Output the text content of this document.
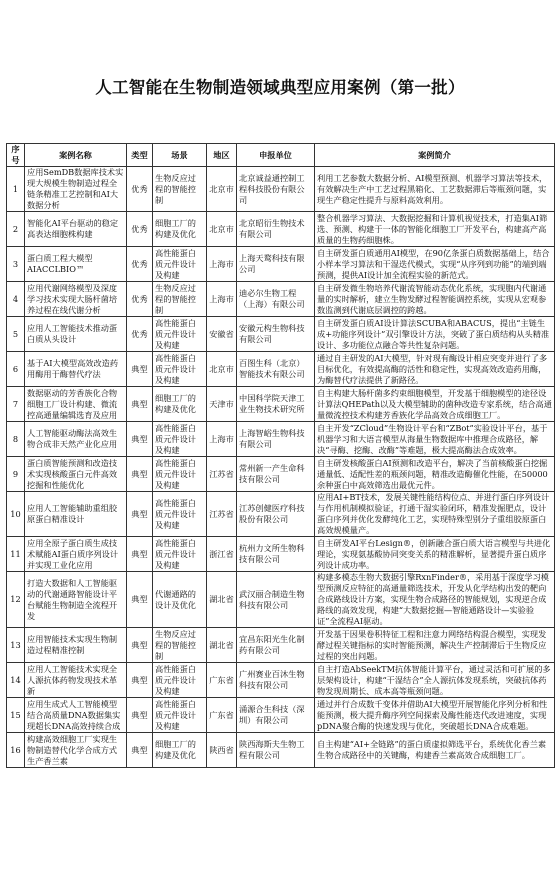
人工智能在生物制造领域典型应用案例（第一批）
序号	案例名称	类型	场景	地区	申报单位	案例简介
1	应用SemDB数据库技术实现大规模生物制造过程全链条精准工艺控制和AI大数据分析	优秀	生物反应过程的智能控制	北京市	北京诚益通控制工程科技股份有限公司	利用工艺参数大数据分析、AI模型预测、机器学习算法等技术，有效解决生产中工艺过程黑箱化、工艺数据滞后等瓶颈问题，实现生产稳定性提升与原料高效利用。
2	智能化AI平台驱动的稳定高表达细胞株构建	优秀	细胞工厂的构建及优化	北京市	北京昭衍生物技术有限公司	整合机器学习算法、大数据挖掘和计算机视觉技术，打造集AI筛选、预测、构建于一体的智能化细胞工厂开发平台，构建高产高质量的生物药细胞株。
3	蛋白质工程大模型AIACCLBIO™	优秀	高性能蛋白质元件设计及构建	上海市	上海天鹜科技有限公司	自主研发蛋白质通用AI模型，在90亿条蛋白质数据基础上，结合小样本学习算法和干湿迭代模式，实现“从序列到功能”的端到端预测，提供AI设计加全流程实验的新范式。
4	应用代谢网络模型及深度学习技术实现大肠杆菌培养过程在线代谢分析	优秀	生物反应过程的智能控制	上海市	迪必尔生物工程（上海）有限公司	自主研发微生物培养代谢流智能动态优化系统，实现胞内代谢通量的实时解析，建立生物发酵过程智能调控系统，实现从宏观参数监测到代谢底层调控的跨越。
5	应用人工智能技术推动蛋白质从头设计	优秀	高性能蛋白质元件设计及构建	安徽省	安徽元构生物科技有限公司	自主研发蛋白质AI设计算法SCUBA和ABACUS，提出“主链生成+功能序列设计”双引擎设计方法，突破了蛋白质结构从头精准设计、多功能位点融合等共性复杂问题。
6	基于AI大模型高效改造药用酶用于酶替代疗法	典型	高性能蛋白质元件设计及构建	北京市	百图生科（北京）智能技术有限公司	通过自主研发的AI大模型，针对现有酶设计相应突变并进行了多目标优化，有效提高酶的活性和稳定性，实现高效改造药用酶，为酶替代疗法提供了新路径。
7	数据驱动的芳香族化合物细胞工厂设计构建、微流控高通量编辑选育及应用	典型	细胞工厂的构建及优化	天津市	中国科学院天津工业生物技术研究所	自主构建大肠杆菌多约束细胞模型，开发基于细胞模型的途径设计算法QHEPath以及大模型辅助的菌种改造专家系统，结合高通量微流控技术构建芳香族化学品高效合成细胞工厂。
8	人工智能驱动酶法高效生物合成非天然产业化应用	典型	高性能蛋白质元件设计及构建	上海市	上海智峪生物科技有限公司	自主开发“ZCloud”生物设计平台和“ZBot”实验设计平台，基于机器学习和大语言模型从海量生物数据库中推理合成路径，解决“寻酶、挖酶、改酶”等难题，极大提高酶法合成效率。
9	蛋白质智能预测和改造技术实现核酸蛋白元件高效挖掘和性能优化	典型	高性能蛋白质元件设计及构建	江苏省	常州新一产生命科技有限公司	自主研发核酸蛋白AI预测和改造平台，解决了当前核酸蛋白挖掘通量低、适配性差的瓶颈问题，精准改造酶催化性能，在50000余种蛋白中高效筛选出最优元件。
10	应用人工智能辅助重组胶原蛋白精准设计	典型	高性能蛋白质元件设计及构建	江苏省	江苏创健医疗科技股份有限公司	应用AI+BT技术，发展关键性能结构位点、并进行蛋白序列设计与作用机制模拟验证，打通干湿实验闭环，精准发掘肥点，设计蛋白序列并优化发酵纯化工艺，实现特殊型别分子重组胶原蛋白高效规模量产。
11	应用全原子蛋白质生成技术赋能AI蛋白质序列设计并实现工业化应用	典型	高性能蛋白质元件设计及构建	浙江省	杭州力文所生物科技有限公司	自主研发AI平台Lesign®，创新融合蛋白质大语言模型与共进化理论，实现氨基酸协同突变关系的精准解析，显著提升蛋白质序列设计成功率。
12	打造大数据和人工智能驱动的代谢通路智能设计平台赋能生物制造全流程开发	典型	代谢通路的设计及优化	湖北省	武汉丽合制造生物科技有限公司	构建多模态生物大数据引擎RxnFinder®，采用基于深度学习模型预测反应特征的高通量筛选技术，开发从化学结构出发的靶向合成路线设计方案，实现生物合成路径的智能规划，实现逆合成路线的高效发现，构建“大数据挖掘—智能通路设计—实验验证”全流程AI驱动。
13	应用智能技术实现生物制造过程精准控制	典型	生物反应过程的智能控制	湖北省	宜昌东阳光生化制药有限公司	开发基于因果卷积特征工程和注意力网络结构混合模型，实现发酵过程关键指标的实时智能预测，解决生产控制滞后于生物反应过程的突出问题。
14	应用人工智能技术实现全人源抗体药物发现技术革新	典型	高性能蛋白质元件设计及构建	广东省	广州赛业百沐生物科技有限公司	自主打造AbSeekTM抗体智能计算平台，通过灵活和可扩展的多层架构设计，构建“干湿结合”全人源抗体发现系统，突破抗体药物发现周期长、成本高等瓶颈问题。
15	应用生成式人工智能模型结合高质量DNA数据集实现超长DNA高效持续合成	典型	高性能蛋白质元件设计及构建	广东省	涌源合生科技（深圳）有限公司	通过并行合成数千变体并借助AI大模型开展智能化序列分析和性能预测，极大提升酶序列空间探索及酶性能迭代改进速度，实现pDNA聚合酶的快速发现与优化，突破超长DNA合成难题。
16	构建高效细胞工厂实现生物制造替代化学合成方式生产香兰素	典型	细胞工厂的构建及优化	陕西省	陕西海斯夫生物工程有限公司	自主构建“AI+全链路”的蛋白质虚拟筛选平台，系统优化香兰素生物合成路径中的关键酶，构建香兰素高效合成细胞工厂。
